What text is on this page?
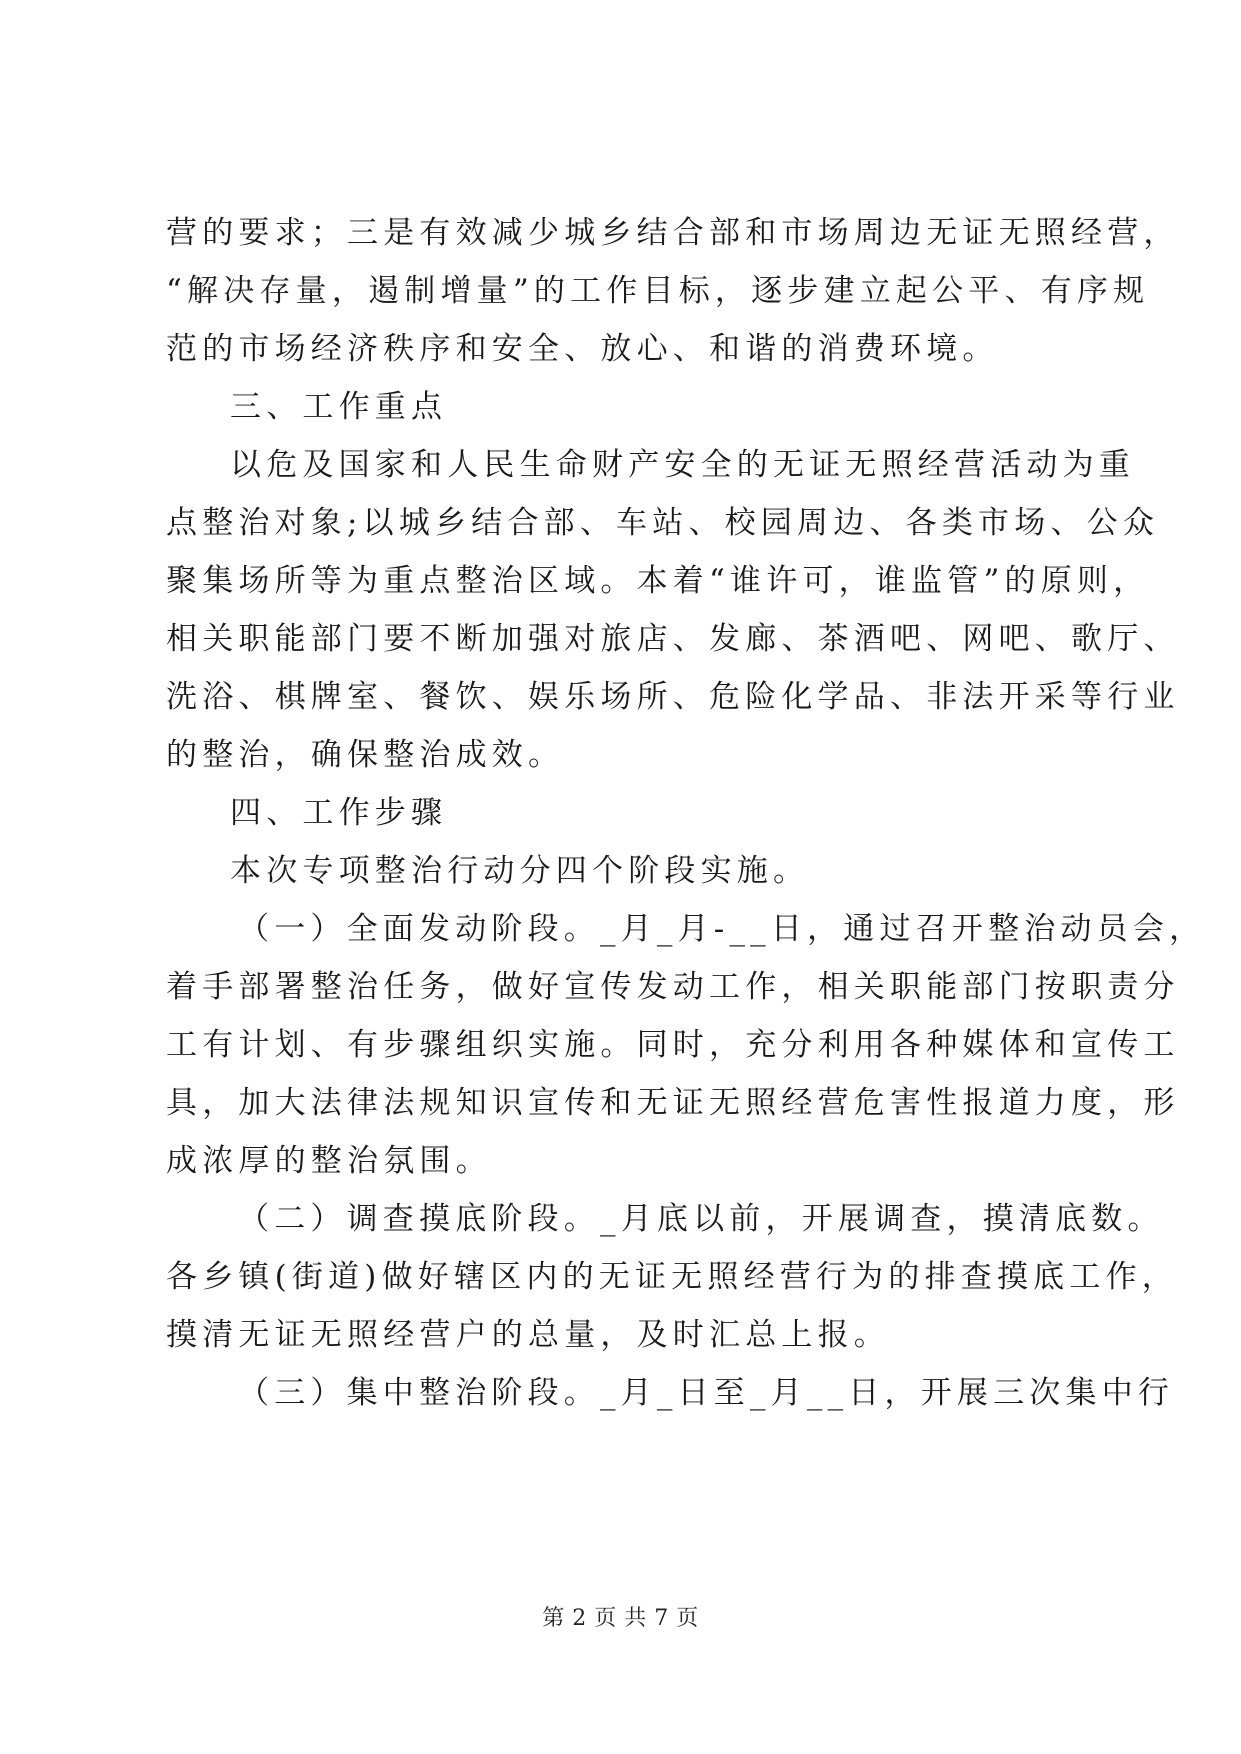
营的要求；三是有效减少城乡结合部和市场周边无证无照经营，
“解决存量，遏制增量”的工作目标，逐步建立起公平、有序规
范的市场经济秩序和安全、放心、和谐的消费环境。
三、工作重点
以危及国家和人民生命财产安全的无证无照经营活动为重
点整治对象;以城乡结合部、车站、校园周边、各类市场、公众
聚集场所等为重点整治区域。本着“谁许可，谁监管”的原则，
相关职能部门要不断加强对旅店、发廊、茶酒吧、网吧、歌厅、
洗浴、棋牌室、餐饮、娱乐场所、危险化学品、非法开采等行业
的整治，确保整治成效。
四、工作步骤
本次专项整治行动分四个阶段实施。
（一）全面发动阶段。_月_月-__日，通过召开整治动员会，
着手部署整治任务，做好宣传发动工作，相关职能部门按职责分
工有计划、有步骤组织实施。同时，充分利用各种媒体和宣传工
具，加大法律法规知识宣传和无证无照经营危害性报道力度，形
成浓厚的整治氛围。
（二）调查摸底阶段。_月底以前，开展调查，摸清底数。
各乡镇(街道)做好辖区内的无证无照经营行为的排查摸底工作，
摸清无证无照经营户的总量，及时汇总上报。
（三）集中整治阶段。_月_日至_月__日，开展三次集中行
第 2 页 共 7 页
